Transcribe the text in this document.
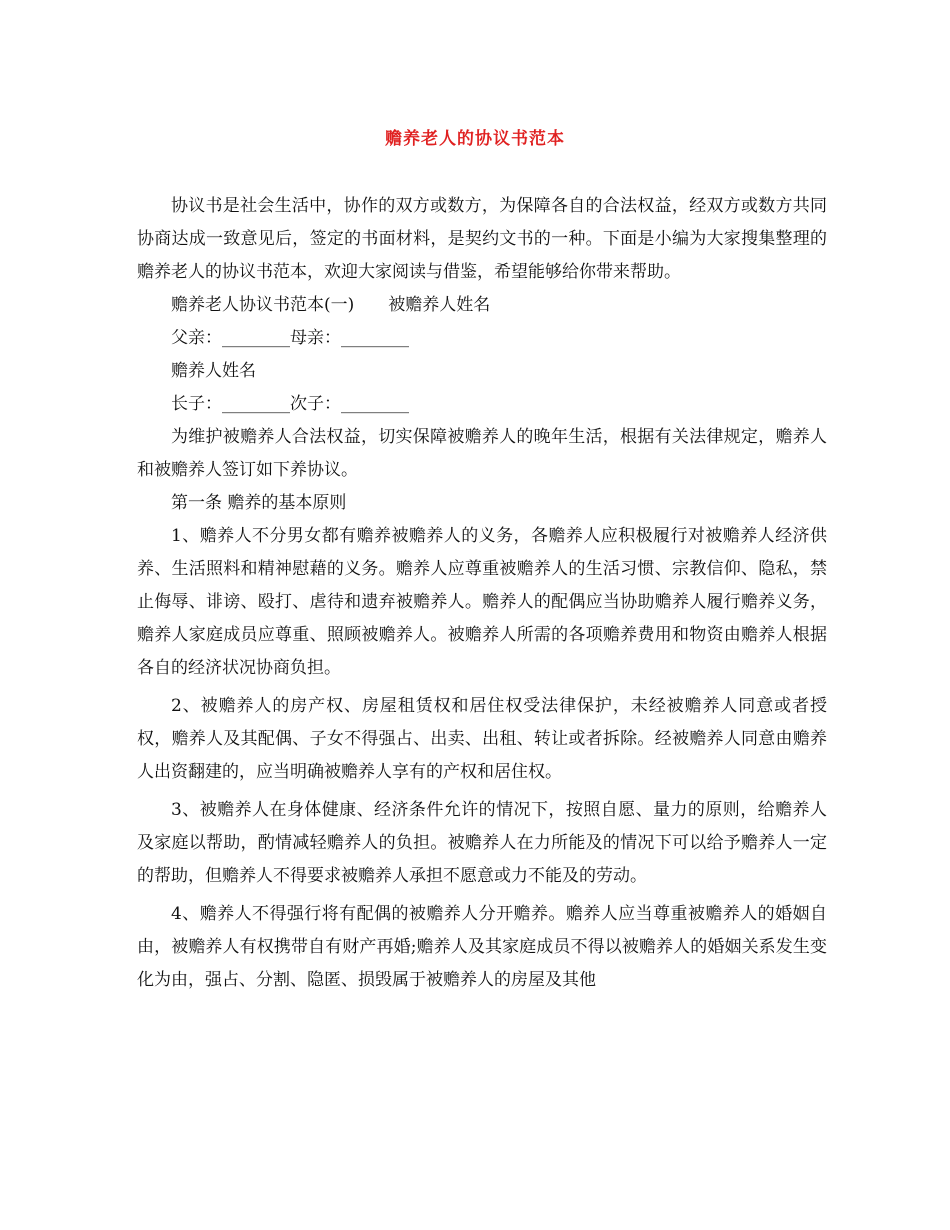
赡养老人的协议书范本

协议书是社会生活中，协作的双方或数方，为保障各自的合法权益，经双方或数方共同协商达成一致意见后，签定的书面材料，是契约文书的一种。下面是小编为大家搜集整理的赡养老人的协议书范本，欢迎大家阅读与借鉴，希望能够给你带来帮助。

赡养老人协议书范本(一)　　被赡养人姓名

父亲：________母亲：________

赡养人姓名

长子：________次子：________

为维护被赡养人合法权益，切实保障被赡养人的晚年生活，根据有关法律规定，赡养人和被赡养人签订如下养协议。

第一条 赡养的基本原则

1、赡养人不分男女都有赡养被赡养人的义务，各赡养人应积极履行对被赡养人经济供养、生活照料和精神慰藉的义务。赡养人应尊重被赡养人的生活习惯、宗教信仰、隐私，禁止侮辱、诽谤、殴打、虐待和遗弃被赡养人。赡养人的配偶应当协助赡养人履行赡养义务，赡养人家庭成员应尊重、照顾被赡养人。被赡养人所需的各项赡养费用和物资由赡养人根据各自的经济状况协商负担。

2、被赡养人的房产权、房屋租赁权和居住权受法律保护，未经被赡养人同意或者授权，赡养人及其配偶、子女不得强占、出卖、出租、转让或者拆除。经被赡养人同意由赡养人出资翻建的，应当明确被赡养人享有的产权和居住权。

3、被赡养人在身体健康、经济条件允许的情况下，按照自愿、量力的原则，给赡养人及家庭以帮助，酌情减轻赡养人的负担。被赡养人在力所能及的情况下可以给予赡养人一定的帮助，但赡养人不得要求被赡养人承担不愿意或力不能及的劳动。

4、赡养人不得强行将有配偶的被赡养人分开赡养。赡养人应当尊重被赡养人的婚姻自由，被赡养人有权携带自有财产再婚;赡养人及其家庭成员不得以被赡养人的婚姻关系发生变化为由，强占、分割、隐匿、损毁属于被赡养人的房屋及其他
